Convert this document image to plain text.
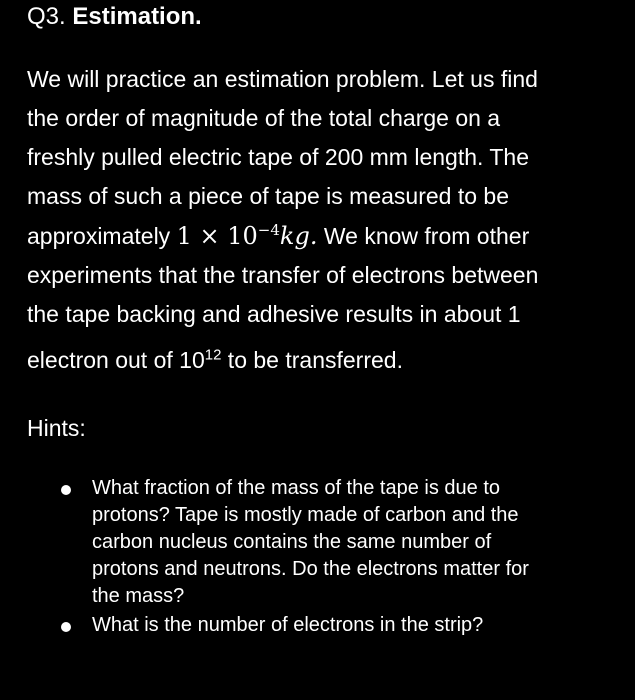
Q3. Estimation.
We will practice an estimation problem. Let us find
the order of magnitude of the total charge on a
freshly pulled electric tape of 200 mm length. The
mass of such a piece of tape is measured to be
approximately $1 \times 10^{-4}kg$. We know from other
experiments that the transfer of electrons between
the tape backing and adhesive results in about 1
electron out of $10^{12}$ to be transferred.
Hints:
What fraction of the mass of the tape is due to
protons? Tape is mostly made of carbon and the
carbon nucleus contains the same number of
protons and neutrons. Do the electrons matter for
the mass?
What is the number of electrons in the strip?
